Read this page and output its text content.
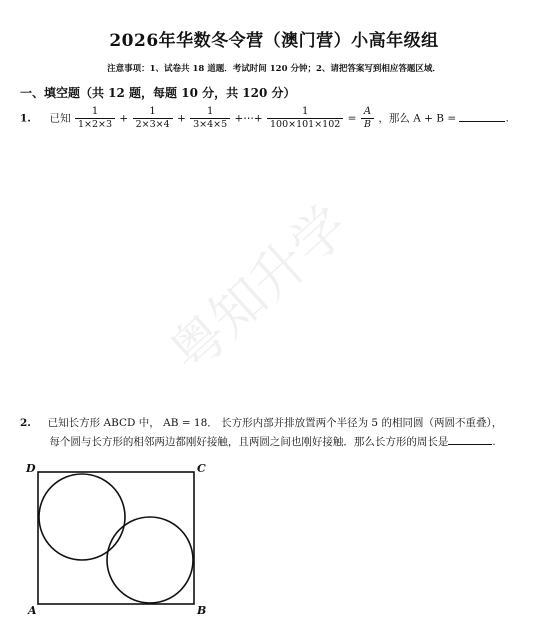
2026年华数冬令营（澳门营）小高年级组
注意事项：1、试卷共 18 道题．考试时间 120 分钟；2、请把答案写到相应答题区域．
一、填空题（共 12 题，每题 10 分，共 120 分）
1. 已知 $\frac{1}{1\times 2\times 3} + \frac{1}{2\times 3\times 4} + \frac{1}{3\times 4\times 5}$ +⋯+ $\frac{1}{100\times 101\times 102} = \frac{A}{B}$ ，那么 A + B =	.
粤知升学
2. 已知长方形 ABCD 中， AB = 18． 长方形内部并排放置两个半径为 5 的相同圆（两圆不重叠），
每个圆与长方形的相邻两边都刚好接触，且两圆之间也刚好接触．那么长方形的周长是	.
D	C
A	B
